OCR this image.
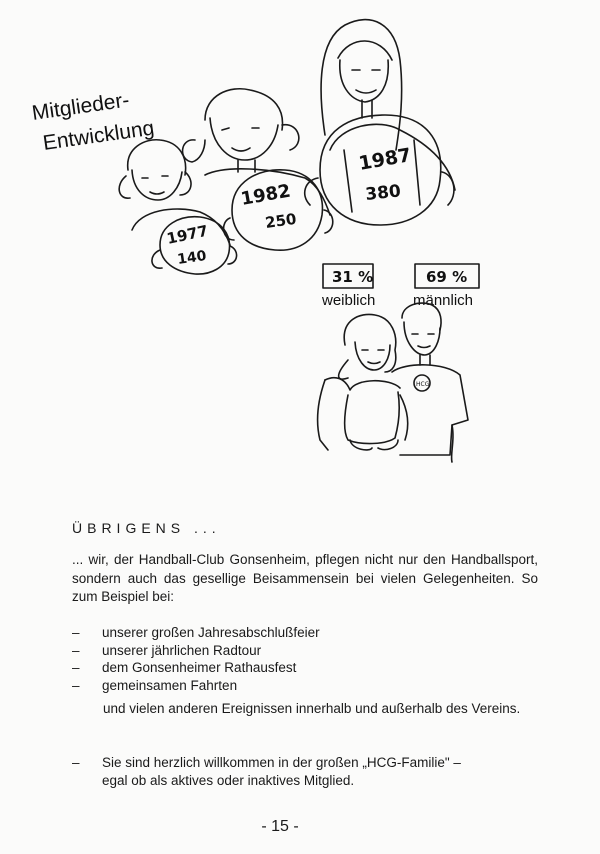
Mitglieder-
Entwicklung
1987
380
1982
250
1977
140
31 %
weiblich
69 %
männlich
HCG
ÜBRIGENS ...

... wir, der Handball-Club Gonsenheim, pflegen nicht nur den Handballsport, sondern auch das gesellige Beisammensein bei vielen Gelegenheiten. So zum Beispiel bei:

– unserer großen Jahresabschlußfeier
– unserer jährlichen Radtour
– dem Gonsenheimer Rathausfest
– gemeinsamen Fahrten

und vielen anderen Ereignissen innerhalb und außerhalb des Vereins.

– Sie sind herzlich willkommen in der großen „HCG-Familie" –
egal ob als aktives oder inaktives Mitglied.

- 15 -
